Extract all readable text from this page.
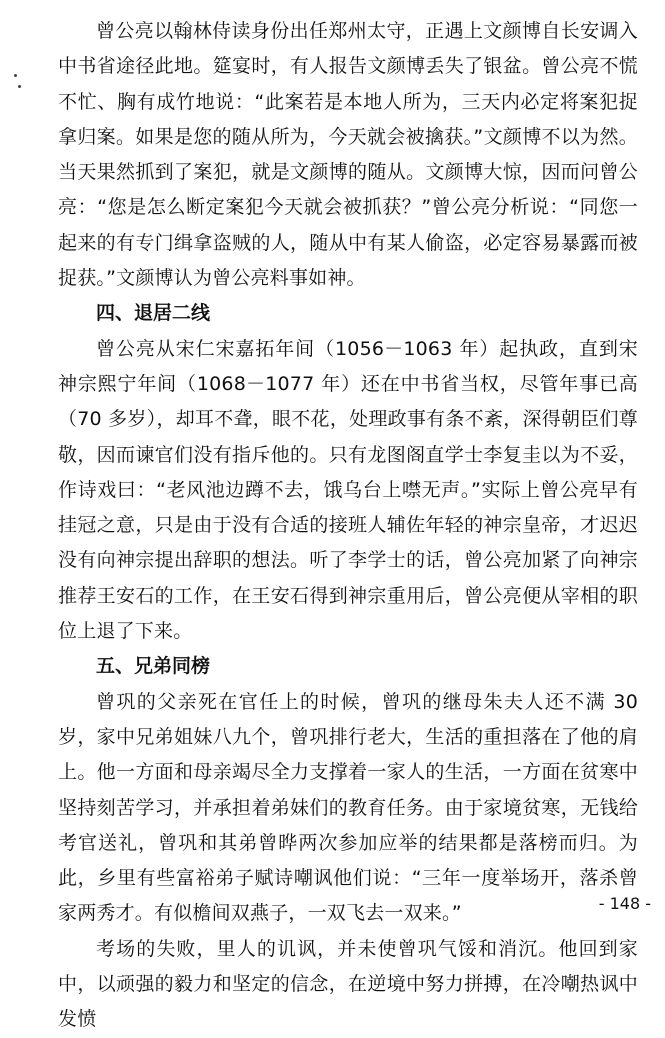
曾公亮以翰林侍读身份出任郑州太守，正遇上文颜博自长安调入中书省途径此地。筵宴时，有人报告文颜博丢失了银盆。曾公亮不慌不忙、胸有成竹地说：“此案若是本地人所为，三天内必定将案犯捉拿归案。如果是您的随从所为，今天就会被擒获。”文颜博不以为然。当天果然抓到了案犯，就是文颜博的随从。文颜博大惊，因而问曾公亮：“您是怎么断定案犯今天就会被抓获？”曾公亮分析说：“同您一起来的有专门缉拿盗贼的人，随从中有某人偷盗，必定容易暴露而被捉获。”文颜博认为曾公亮料事如神。

四、退居二线

曾公亮从宋仁宋嘉拓年间（1056－1063 年）起执政，直到宋神宗熙宁年间（1068－1077 年）还在中书省当权，尽管年事已高（70 多岁），却耳不聋，眼不花，处理政事有条不紊，深得朝臣们尊敬，因而谏官们没有指斥他的。只有龙图阁直学士李复圭以为不妥，作诗戏曰：“老风池边蹲不去，饿乌台上噤无声。”实际上曾公亮早有挂冠之意，只是由于没有合适的接班人辅佐年轻的神宗皇帝，才迟迟没有向神宗提出辞职的想法。听了李学士的话，曾公亮加紧了向神宗推荐王安石的工作，在王安石得到神宗重用后，曾公亮便从宰相的职位上退了下来。

五、兄弟同榜

曾巩的父亲死在官任上的时候，曾巩的继母朱夫人还不满 30 岁，家中兄弟姐妹八九个，曾巩排行老大，生活的重担落在了他的肩上。他一方面和母亲竭尽全力支撑着一家人的生活，一方面在贫寒中坚持刻苦学习，并承担着弟妹们的教育任务。由于家境贫寒，无钱给考官送礼，曾巩和其弟曾晔两次参加应举的结果都是落榜而归。为此，乡里有些富裕弟子赋诗嘲讽他们说：“三年一度举场开，落杀曾家两秀才。有似檐间双燕子，一双飞去一双来。”

考场的失败，里人的讥讽，并未使曾巩气馁和消沉。他回到家中，以顽强的毅力和坚定的信念，在逆境中努力拼搏，在冷嘲热讽中发愤

- 148 -
